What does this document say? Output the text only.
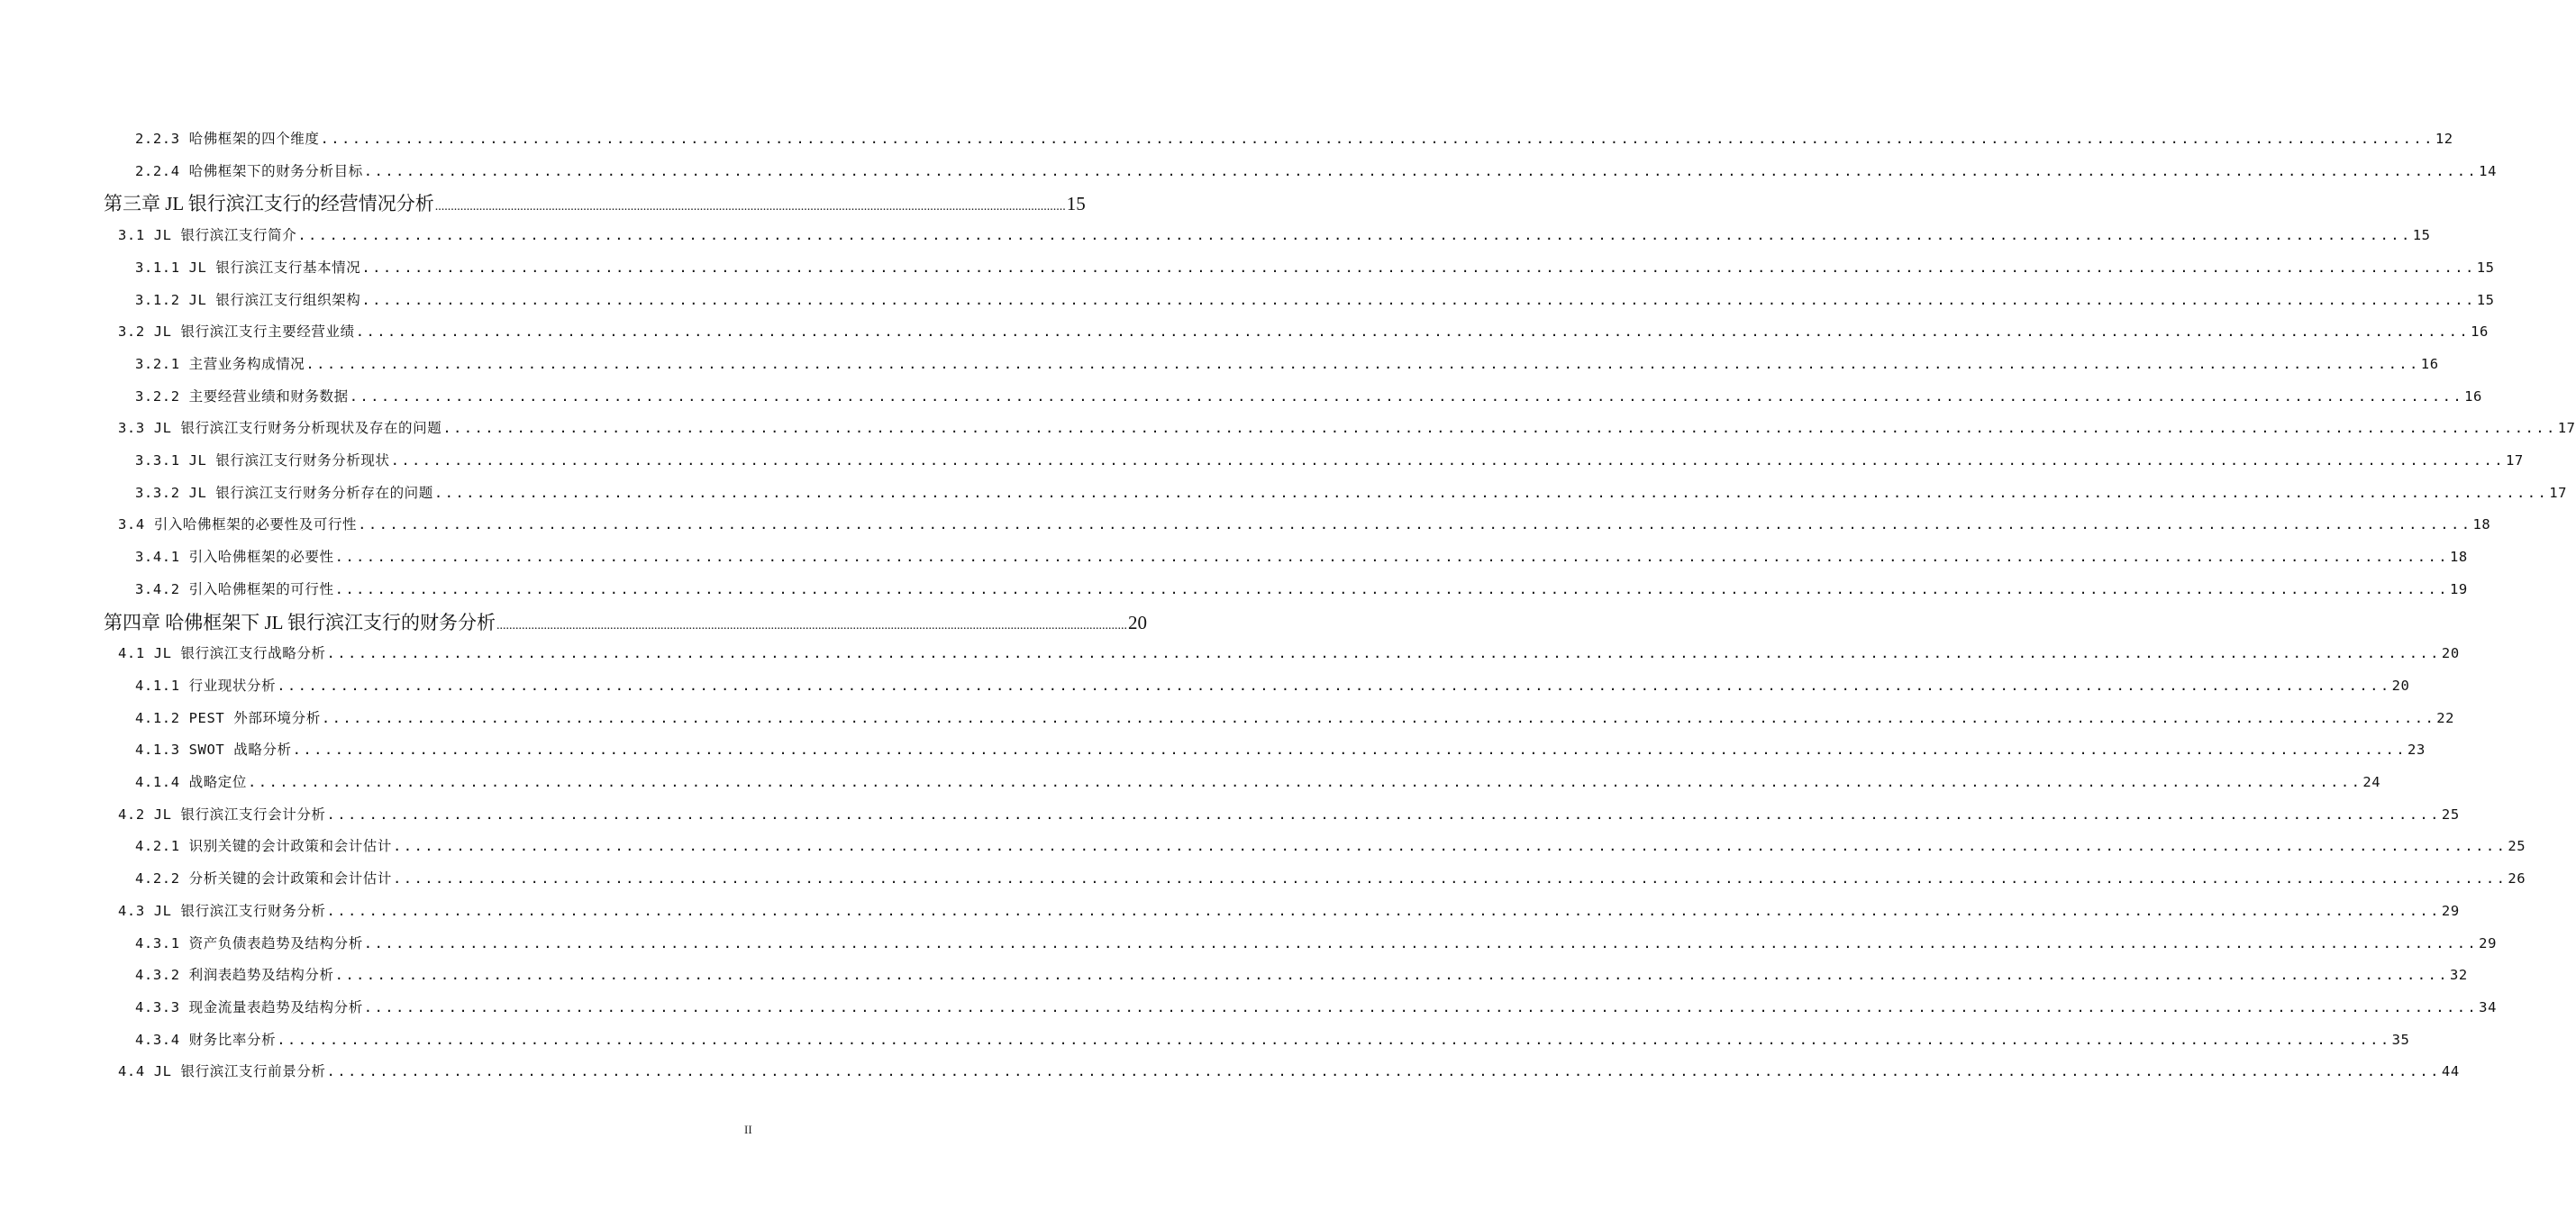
2.2.3 哈佛框架的四个维度 ........................................................................................................................................................................................................ 12
2.2.4 哈佛框架下的财务分析目标 ........................................................................................................................................................................................................ 14
第三章 JL 银行滨江支行的经营情况分析 ........................................................................................................................................................................................................ 15
3.1 JL 银行滨江支行简介 ........................................................................................................................................................................................................ 15
3.1.1 JL 银行滨江支行基本情况 ........................................................................................................................................................................................................ 15
3.1.2 JL 银行滨江支行组织架构 ........................................................................................................................................................................................................ 15
3.2 JL 银行滨江支行主要经营业绩 ........................................................................................................................................................................................................ 16
3.2.1 主营业务构成情况 ........................................................................................................................................................................................................ 16
3.2.2 主要经营业绩和财务数据 ........................................................................................................................................................................................................ 16
3.3 JL 银行滨江支行财务分析现状及存在的问题 ........................................................................................................................................................................................................ 17
3.3.1 JL 银行滨江支行财务分析现状 ........................................................................................................................................................................................................ 17
3.3.2 JL 银行滨江支行财务分析存在的问题 ........................................................................................................................................................................................................ 17
3.4 引入哈佛框架的必要性及可行性 ........................................................................................................................................................................................................ 18
3.4.1 引入哈佛框架的必要性 ........................................................................................................................................................................................................ 18
3.4.2 引入哈佛框架的可行性 ........................................................................................................................................................................................................ 19
第四章 哈佛框架下 JL 银行滨江支行的财务分析 ........................................................................................................................................................................................................ 20
4.1 JL 银行滨江支行战略分析 ........................................................................................................................................................................................................ 20
4.1.1 行业现状分析 ........................................................................................................................................................................................................ 20
4.1.2 PEST 外部环境分析 ........................................................................................................................................................................................................ 22
4.1.3 SWOT 战略分析 ........................................................................................................................................................................................................ 23
4.1.4 战略定位 ........................................................................................................................................................................................................ 24
4.2 JL 银行滨江支行会计分析 ........................................................................................................................................................................................................ 25
4.2.1 识别关键的会计政策和会计估计 ........................................................................................................................................................................................................ 25
4.2.2 分析关键的会计政策和会计估计 ........................................................................................................................................................................................................ 26
4.3 JL 银行滨江支行财务分析 ........................................................................................................................................................................................................ 29
4.3.1 资产负债表趋势及结构分析 ........................................................................................................................................................................................................ 29
4.3.2 利润表趋势及结构分析 ........................................................................................................................................................................................................ 32
4.3.3 现金流量表趋势及结构分析 ........................................................................................................................................................................................................ 34
4.3.4 财务比率分析 ........................................................................................................................................................................................................ 35
4.4 JL 银行滨江支行前景分析 ........................................................................................................................................................................................................ 44
II
